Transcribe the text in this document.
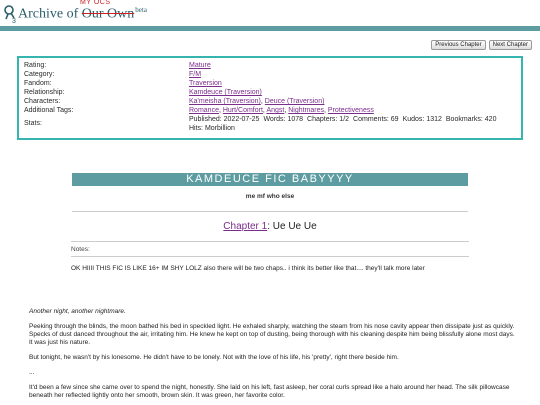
3 Archive of Our Own$^{beta}$
MY OCS
Previous Chapter	Next Chapter
Rating:	Mature
Category:	F/M
Fandom:	Traversion
Relationship:	Kamdeuce (Traversion)
Characters:	Ka'meisha (Traversion), Deuce (Traversion)
Additional Tags:	Romance, Hurt/Comfort, Angst, Nightmares, Protectiveness
Stats:
Published: 2022-07-25 Words: 1078 Chapters: 1/2 Comments: 69 Kudos: 1312 Bookmarks: 420
Hits: Morbillion
KAMDEUCE FIC BABYYYY
me mf who else
Chapter 1: Ue Ue Ue
Notes:
OK HIIII THIS FIC IS LIKE 16+ IM SHY LOLZ also there will be two chaps.. i think its better like that.... they'll talk more later

Another night, another nightmare.

Peeking through the blinds, the moon bathed his bed in speckled light. He exhaled sharply, watching the steam from his nose cavity appear then dissipate just as quickly. Specks of dust danced throughout the air, irritating him. He knew he kept on top of dusting, being thorough with his cleaning despite him being blissfully alone most days. It was just his nature.

But tonight, he wasn't by his lonesome. He didn't have to be lonely. Not with the love of his life, his 'pretty', right there beside him.

...

It'd been a few since she came over to spend the night, honestly. She laid on his left, fast asleep, her coral curls spread like a halo around her head. The silk pillowcase beneath her reflected lightly onto her smooth, brown skin. It was green, her favorite color.
